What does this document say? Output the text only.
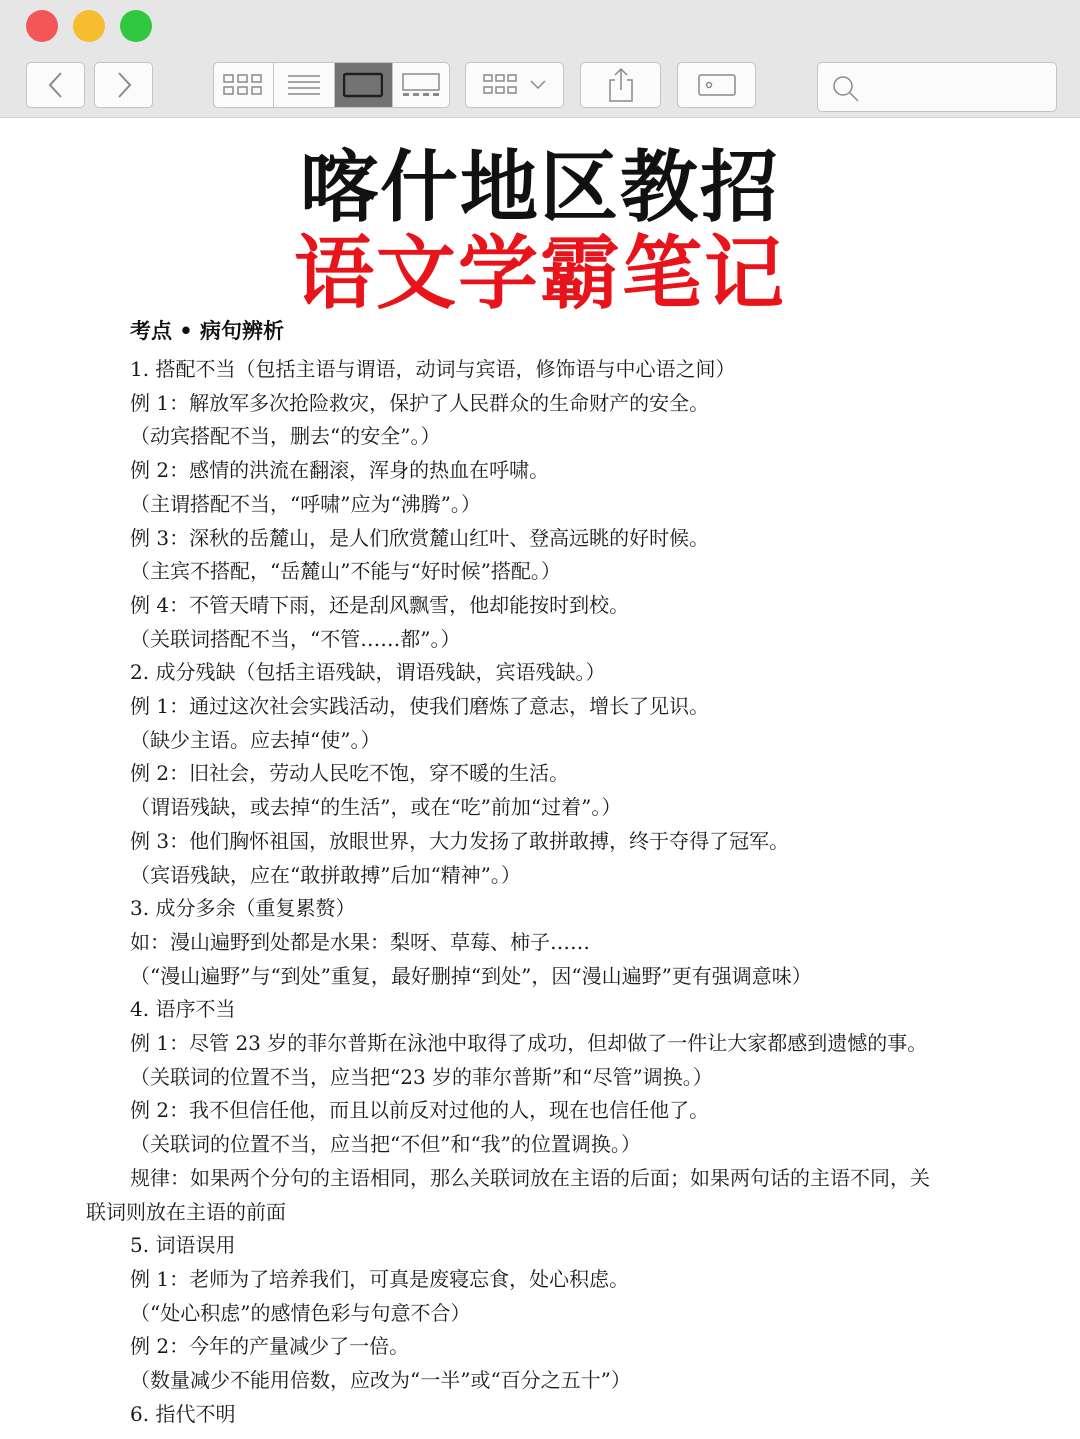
喀什地区教招
语文学霸笔记
考点 • 病句辨析
1. 搭配不当（包括主语与谓语，动词与宾语，修饰语与中心语之间）
例 1：解放军多次抢险救灾，保护了人民群众的生命财产的安全。
（动宾搭配不当，删去“的安全”。）
例 2：感情的洪流在翻滚，浑身的热血在呼啸。
（主谓搭配不当，“呼啸”应为“沸腾”。）
例 3：深秋的岳麓山，是人们欣赏麓山红叶、登高远眺的好时候。
（主宾不搭配，“岳麓山”不能与“好时候”搭配。）
例 4：不管天晴下雨，还是刮风飘雪，他却能按时到校。
（关联词搭配不当，“不管……都”。）
2. 成分残缺（包括主语残缺，谓语残缺，宾语残缺。）
例 1：通过这次社会实践活动，使我们磨炼了意志，增长了见识。
（缺少主语。应去掉“使”。）
例 2：旧社会，劳动人民吃不饱，穿不暖的生活。
（谓语残缺，或去掉“的生活”，或在“吃”前加“过着”。）
例 3：他们胸怀祖国，放眼世界，大力发扬了敢拼敢搏，终于夺得了冠军。
（宾语残缺，应在“敢拼敢搏”后加“精神”。）
3. 成分多余（重复累赘）
如：漫山遍野到处都是水果：梨呀、草莓、柿子……
（“漫山遍野”与“到处”重复，最好删掉“到处”，因“漫山遍野”更有强调意味）
4. 语序不当
例 1：尽管 23 岁的菲尔普斯在泳池中取得了成功，但却做了一件让大家都感到遗憾的事。
（关联词的位置不当，应当把“23 岁的菲尔普斯”和“尽管”调换。）
例 2：我不但信任他，而且以前反对过他的人，现在也信任他了。
（关联词的位置不当，应当把“不但”和“我”的位置调换。）
规律：如果两个分句的主语相同，那么关联词放在主语的后面；如果两句话的主语不同，关
联词则放在主语的前面
5. 词语误用
例 1：老师为了培养我们，可真是废寝忘食，处心积虑。
（“处心积虑”的感情色彩与句意不合）
例 2：今年的产量减少了一倍。
（数量减少不能用倍数，应改为“一半”或“百分之五十”）
6. 指代不明
